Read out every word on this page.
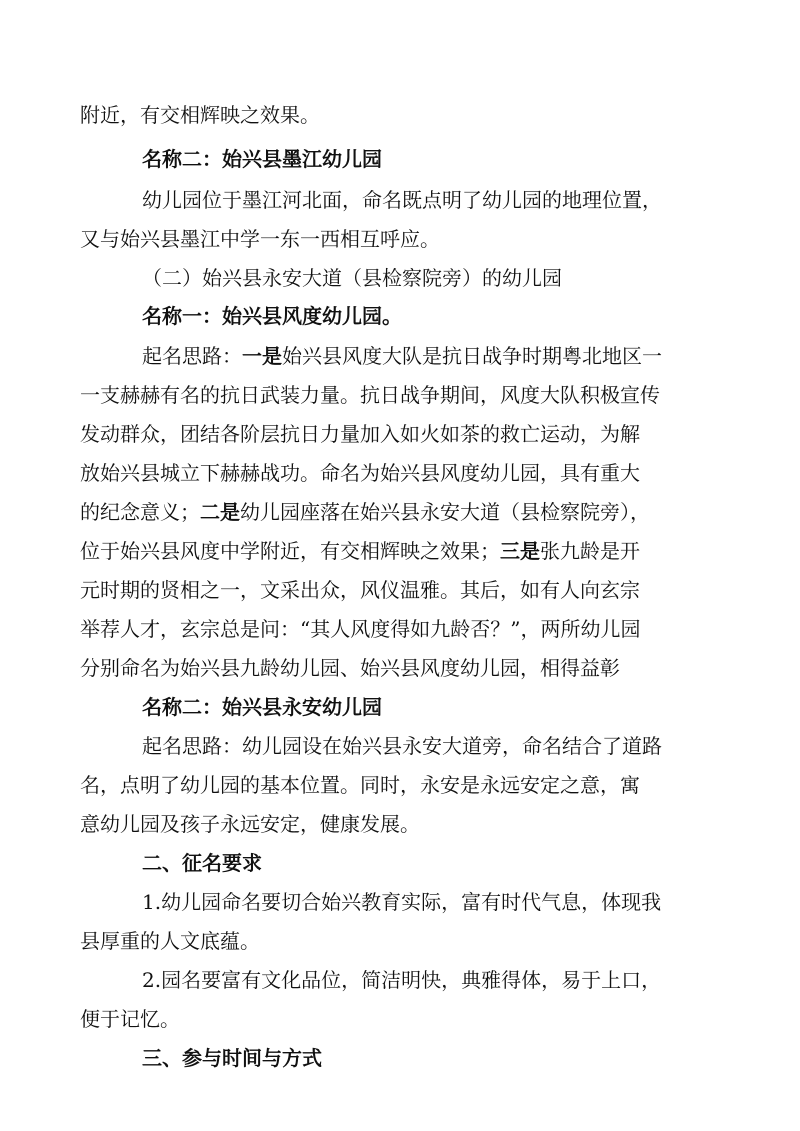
附近，有交相辉映之效果。
名称二：始兴县墨江幼儿园
幼儿园位于墨江河北面，命名既点明了幼儿园的地理位置，
又与始兴县墨江中学一东一西相互呼应。
（二）始兴县永安大道（县检察院旁）的幼儿园
名称一：始兴县风度幼儿园。
起名思路：一是始兴县风度大队是抗日战争时期粤北地区一
一支赫赫有名的抗日武装力量。抗日战争期间，风度大队积极宣传
发动群众，团结各阶层抗日力量加入如火如茶的救亡运动，为解
放始兴县城立下赫赫战功。命名为始兴县风度幼儿园，具有重大
的纪念意义；二是幼儿园座落在始兴县永安大道（县检察院旁），
位于始兴县风度中学附近，有交相辉映之效果；三是张九龄是开
元时期的贤相之一，文采出众，风仪温雅。其后，如有人向玄宗
举荐人才，玄宗总是问：“其人风度得如九龄否？”，两所幼儿园
分别命名为始兴县九龄幼儿园、始兴县风度幼儿园，相得益彰
名称二：始兴县永安幼儿园
起名思路：幼儿园设在始兴县永安大道旁，命名结合了道路
名，点明了幼儿园的基本位置。同时，永安是永远安定之意，寓
意幼儿园及孩子永远安定，健康发展。
二、征名要求
1.幼儿园命名要切合始兴教育实际，富有时代气息，体现我
县厚重的人文底蕴。
2.园名要富有文化品位，简洁明快，典雅得体，易于上口，
便于记忆。
三、参与时间与方式
